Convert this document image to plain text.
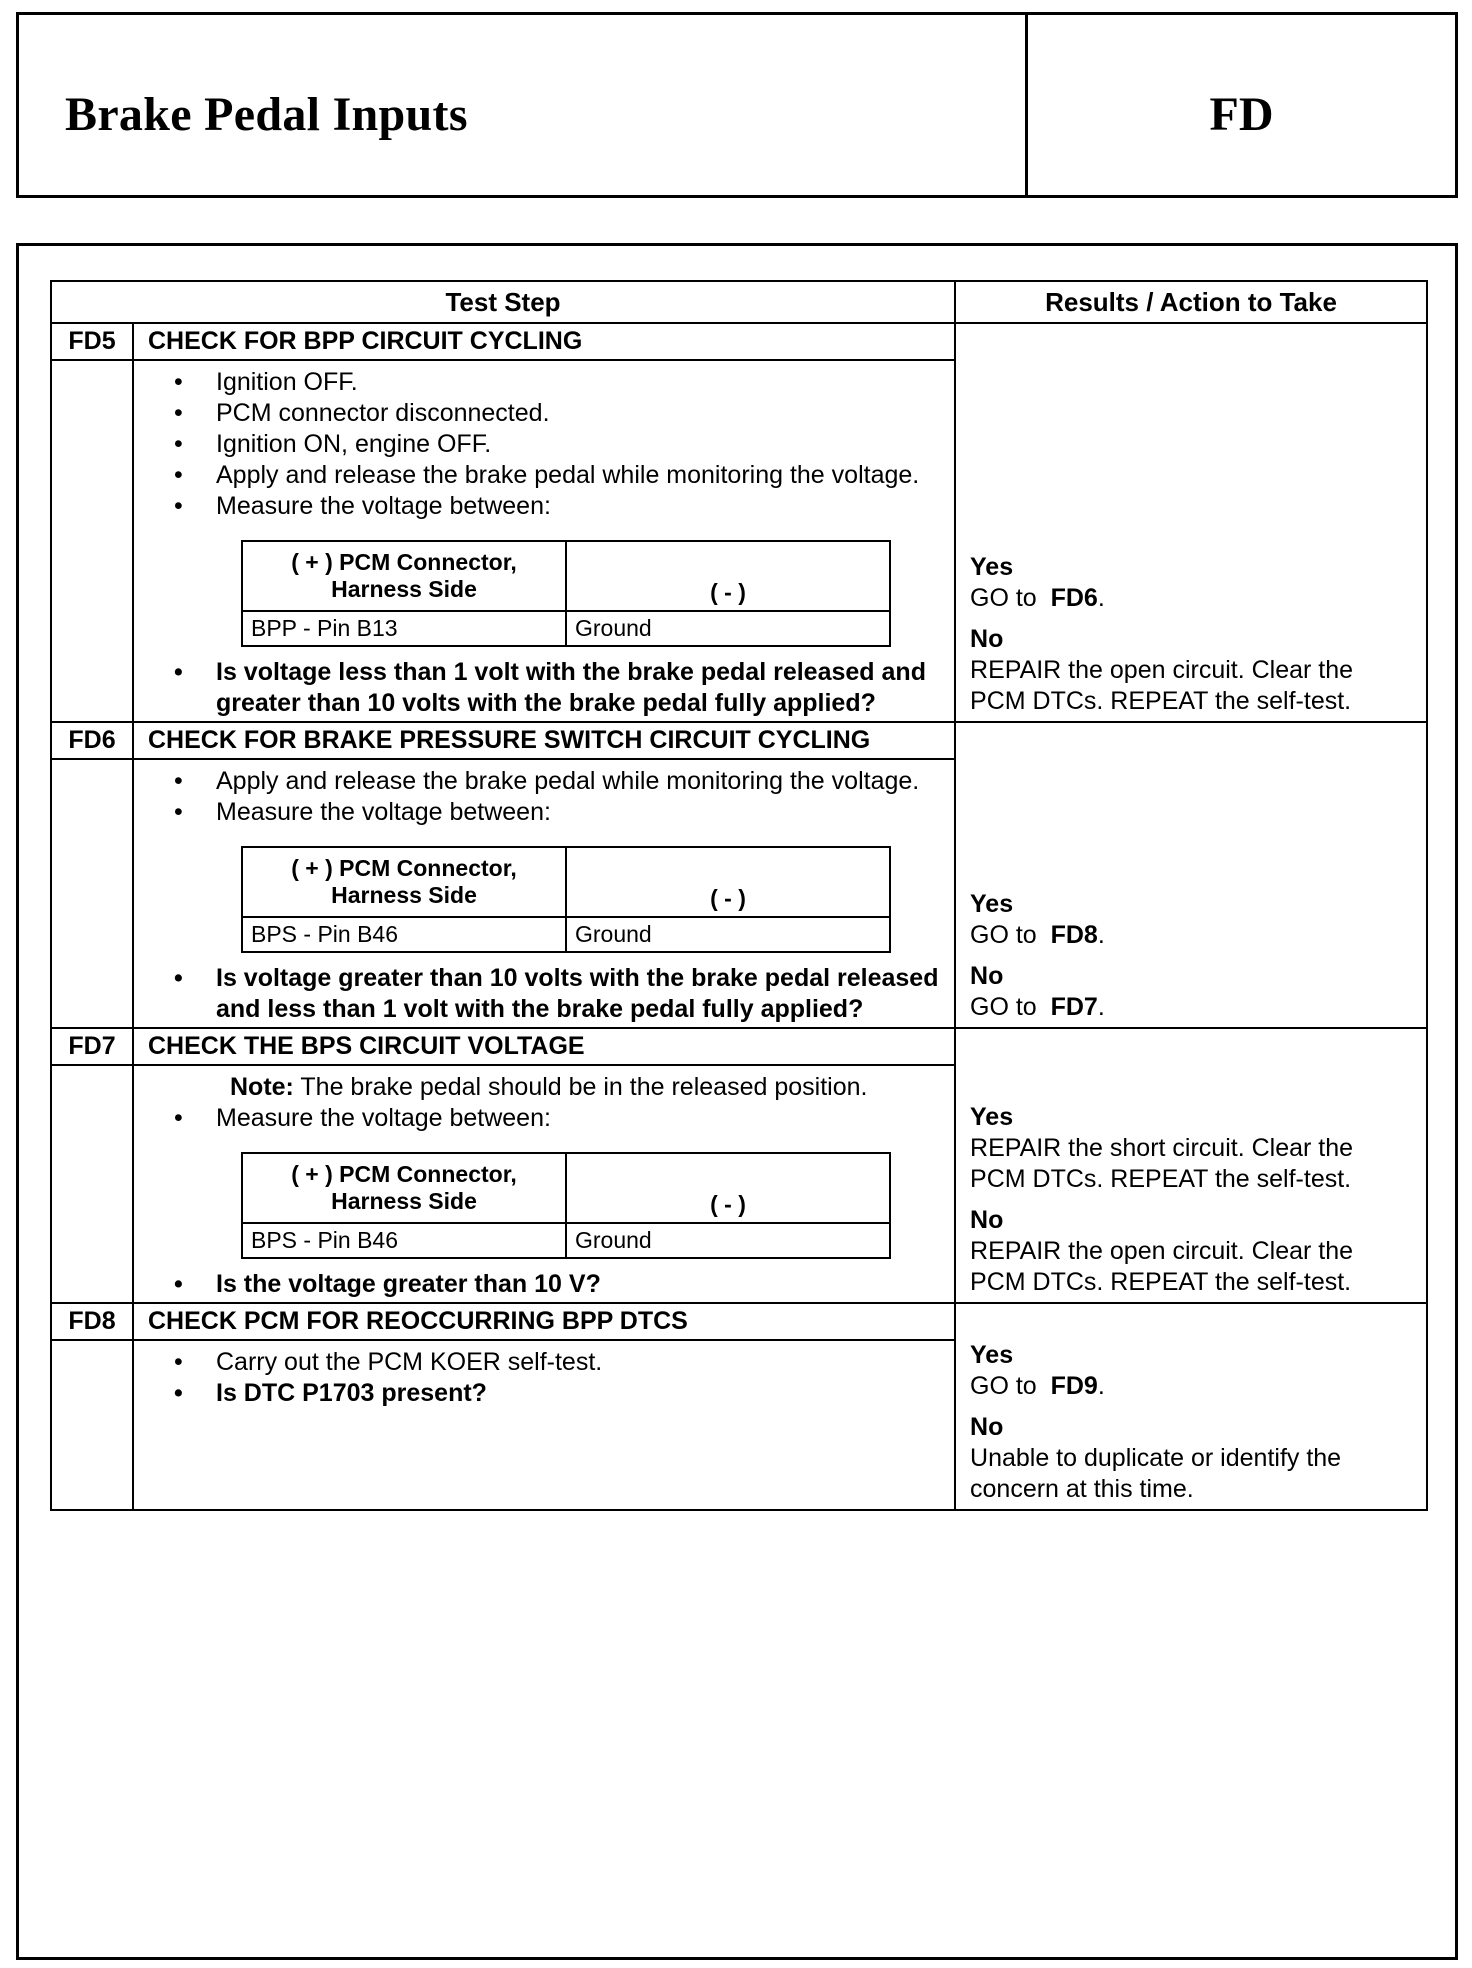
Brake Pedal Inputs	FD
Test Step	Results / Action to Take
FD5	CHECK FOR BPP CIRCUIT CYCLING	
Yes
GO to FD6.
No
REPAIR the open circuit. Clear the PCM DTCs. REPEAT the self-test.

• Ignition OFF.
• PCM connector disconnected.
• Ignition ON, engine OFF.
• Apply and release the brake pedal while monitoring the voltage.
• Measure the voltage between:
( + ) PCM Connector, Harness Side	( - )
BPP - Pin B13	Ground
• Is voltage less than 1 volt with the brake pedal released and greater than 10 volts with the brake pedal fully applied?

FD6	CHECK FOR BRAKE PRESSURE SWITCH CIRCUIT CYCLING	
Yes
GO to FD8.
No
GO to FD7.

• Apply and release the brake pedal while monitoring the voltage.
• Measure the voltage between:
( + ) PCM Connector, Harness Side	( - )
BPS - Pin B46	Ground
• Is voltage greater than 10 volts with the brake pedal released and less than 1 volt with the brake pedal fully applied?

FD7	CHECK THE BPS CIRCUIT VOLTAGE	
Yes
REPAIR the short circuit. Clear the PCM DTCs. REPEAT the self-test.
No
REPAIR the open circuit. Clear the PCM DTCs. REPEAT the self-test.

Note: The brake pedal should be in the released position.
• Measure the voltage between:
( + ) PCM Connector, Harness Side	( - )
BPS - Pin B46	Ground
• Is the voltage greater than 10 V?

FD8	CHECK PCM FOR REOCCURRING BPP DTCS	
Yes
GO to FD9.
No
Unable to duplicate or identify the concern at this time.

• Carry out the PCM KOER self-test.
• Is DTC P1703 present?
